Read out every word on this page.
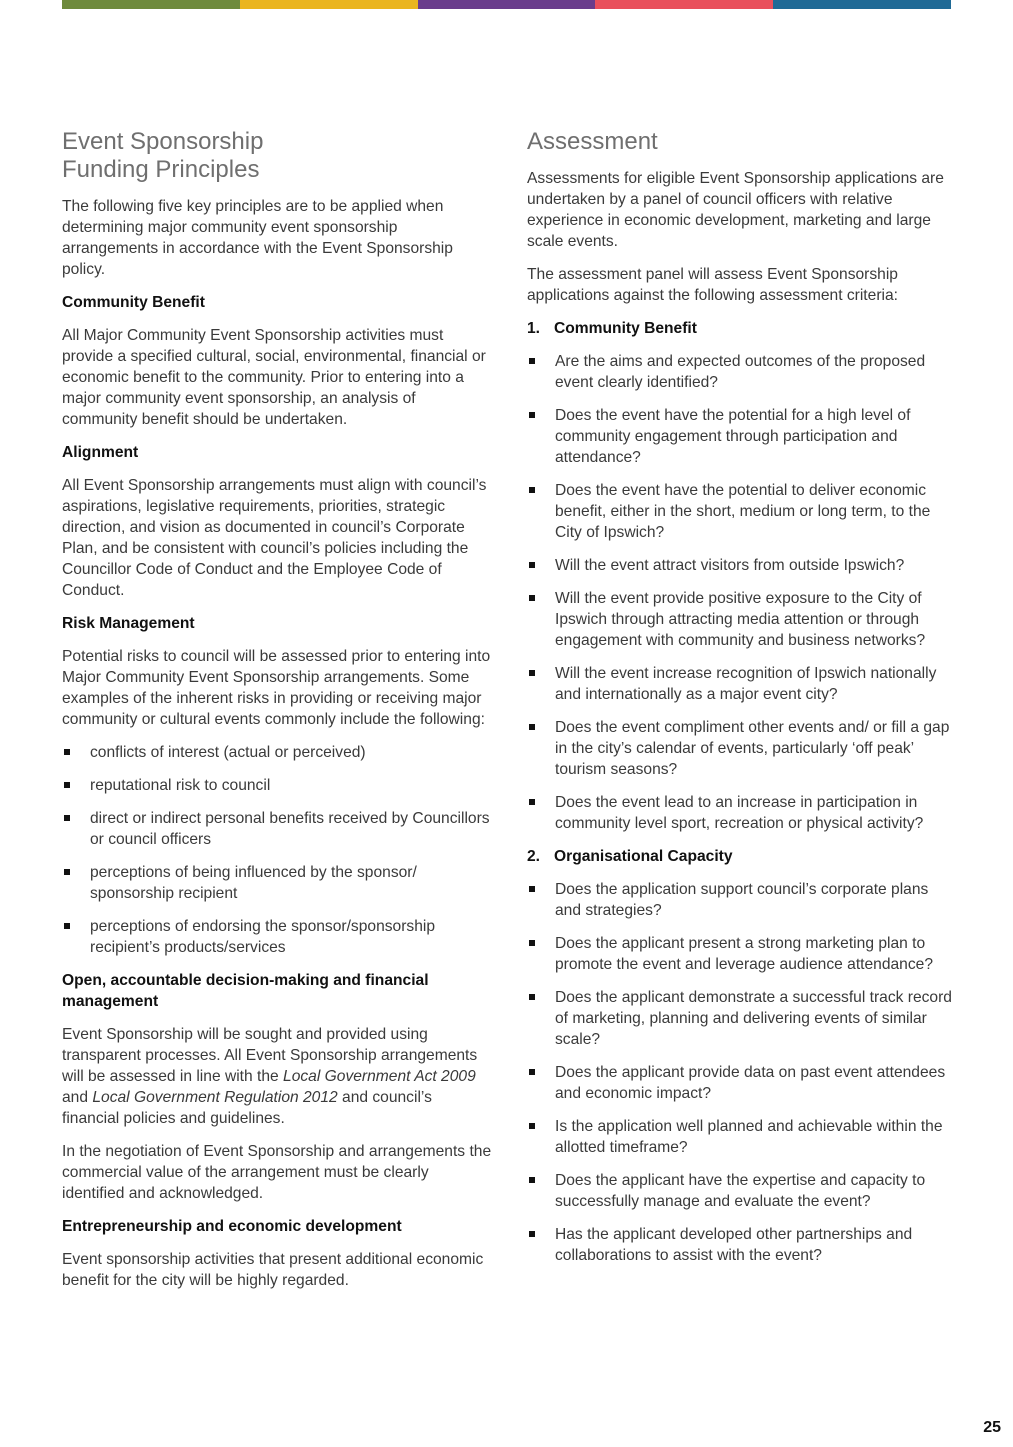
Event Sponsorship
Funding Principles

The following five key principles are to be applied when determining major community event sponsorship arrangements in accordance with the Event Sponsorship policy.

Community Benefit

All Major Community Event Sponsorship activities must provide a specified cultural, social, environmental, financial or economic benefit to the community. Prior to entering into a major community event sponsorship, an analysis of community benefit should be undertaken.

Alignment

All Event Sponsorship arrangements must align with council’s aspirations, legislative requirements, priorities, strategic direction, and vision as documented in council’s Corporate Plan, and be consistent with council’s policies including the Councillor Code of Conduct and the Employee Code of Conduct.

Risk Management

Potential risks to council will be assessed prior to entering into Major Community Event Sponsorship arrangements. Some examples of the inherent risks in providing or receiving major community or cultural events commonly include the following:

conflicts of interest (actual or perceived)
reputational risk to council
direct or indirect personal benefits received by Councillors or council officers
perceptions of being influenced by the sponsor/ sponsorship recipient
perceptions of endorsing the sponsor/sponsorship recipient’s products/services
Open, accountable decision-making and financial management

Event Sponsorship will be sought and provided using transparent processes. All Event Sponsorship arrangements will be assessed in line with the Local Government Act 2009 and Local Government Regulation 2012 and council’s financial policies and guidelines.

In the negotiation of Event Sponsorship and arrangements the commercial value of the arrangement must be clearly identified and acknowledged.

Entrepreneurship and economic development

Event sponsorship activities that present additional economic benefit for the city will be highly regarded.

Assessment

Assessments for eligible Event Sponsorship applications are undertaken by a panel of council officers with relative experience in economic development, marketing and large scale events.

The assessment panel will assess Event Sponsorship applications against the following assessment criteria:

1. Community Benefit
Are the aims and expected outcomes of the proposed event clearly identified?
Does the event have the potential for a high level of community engagement through participation and attendance?
Does the event have the potential to deliver economic benefit, either in the short, medium or long term, to the City of Ipswich?
Will the event attract visitors from outside Ipswich?
Will the event provide positive exposure to the City of Ipswich through attracting media attention or through engagement with community and business networks?
Will the event increase recognition of Ipswich nationally and internationally as a major event city?
Does the event compliment other events and/ or fill a gap in the city’s calendar of events, particularly ‘off peak’ tourism seasons?
Does the event lead to an increase in participation in community level sport, recreation or physical activity?
2. Organisational Capacity
Does the application support council’s corporate plans and strategies?
Does the applicant present a strong marketing plan to promote the event and leverage audience attendance?
Does the applicant demonstrate a successful track record of marketing, planning and delivering events of similar scale?
Does the applicant provide data on past event attendees and economic impact?
Is the application well planned and achievable within the allotted timeframe?
Does the applicant have the expertise and capacity to successfully manage and evaluate the event?
Has the applicant developed other partnerships and collaborations to assist with the event?
25
